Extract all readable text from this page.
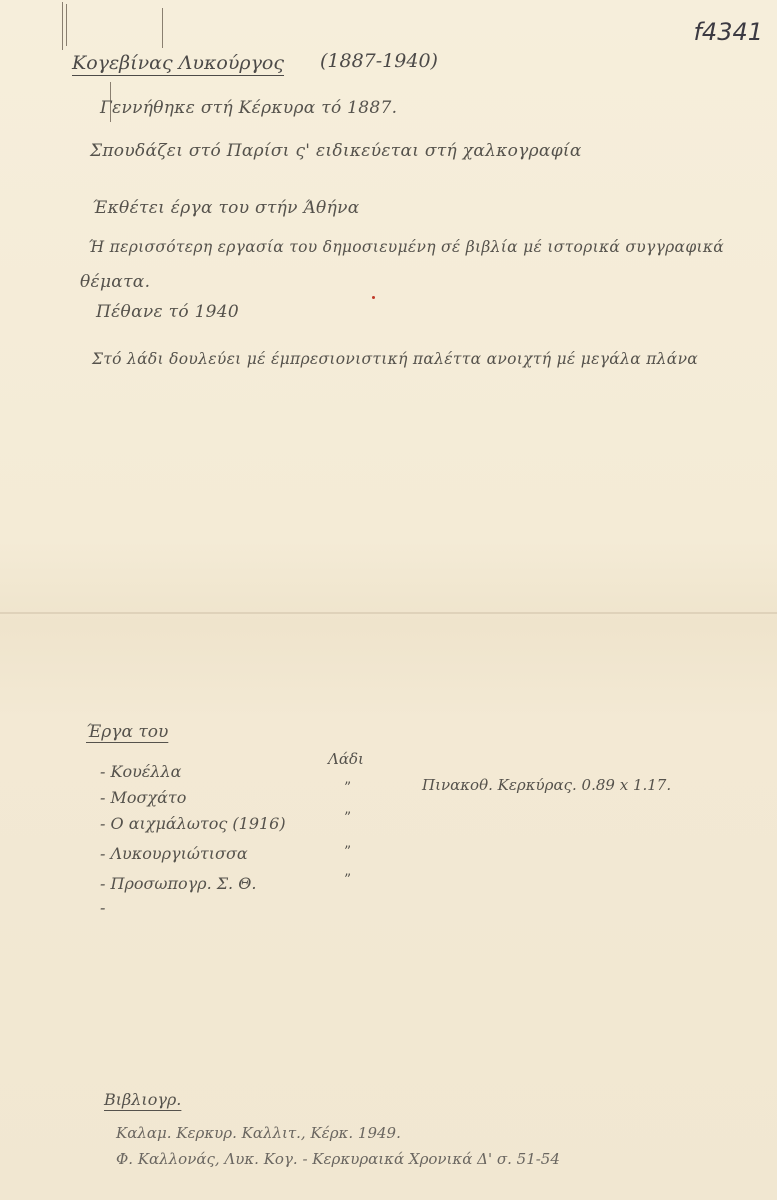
f4341
Κογεβίνας Λυκούργος (1887-1940)
Γεννήθηκε στή Κέρκυρα τό 1887.
Σπουδάζει στό Παρίσι ς' ειδικεύεται στή χαλκογραφία
Έκθέτει έργα του στήν Άθήνα
Ή περισσότερη εργασία του δημοσιευμένη σέ βιβλία μέ ιστορικά συγγραφικά
θέματα.
Πέθανε τό 1940
Στό λάδι δουλεύει μέ έμπρεσιονιστική παλέττα ανοιχτή μέ μεγάλα πλάνα
Έργα του
Λάδι
Πινακοθ. Κερκύρας. 0.89 x 1.17.
- Κουέλλα
- Μοσχάτο
- Ο αιχμάλωτος (1916)
- Λυκουργιώτισσα
- Προσωπογρ. Σ. Θ.
-
”
”
”
”
Βιβλιογρ.
Καλαμ. Κερκυρ. Καλλιτ., Κέρκ. 1949.
Φ. Καλλονάς, Λυκ. Κογ. - Κερκυραικά Χρονικά Δ' σ. 51-54
